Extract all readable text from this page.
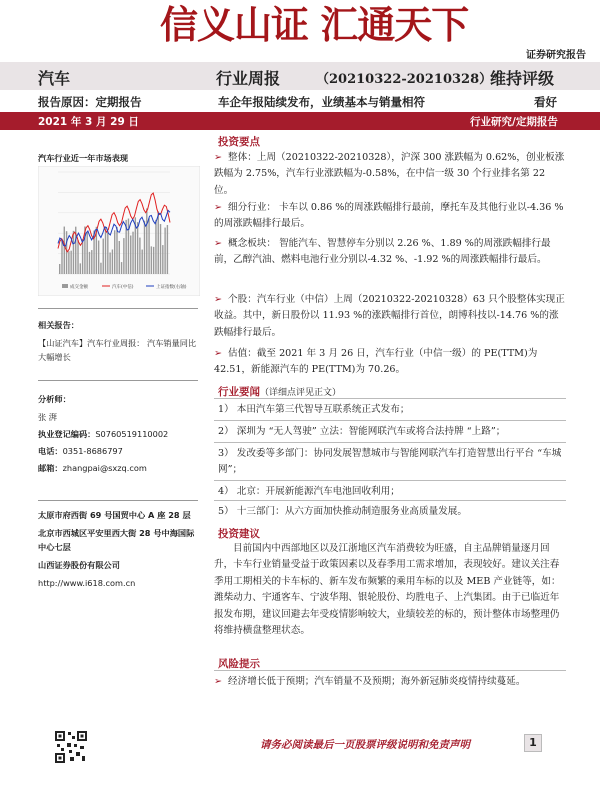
信义山证 汇通天下
证券研究报告
汽车	行业周报	（20210322-20210328）
维持评级
报告原因：定期报告	车企年报陆续发布，业绩基本与销量相符	看好
2021 年 3 月 29 日	行业研究/定期报告
汽车行业近一年市场表现
成交金额	汽车(中信)	上证指数(右轴)
相关报告：
【山证汽车】汽车行业周报： 汽车销量同比大幅增长
分析师：
张 湃
执业登记编码：S0760519110002
电话：0351-8686797
邮箱：zhangpai@sxzq.com
太原市府西街 69 号国贸中心 A 座 28 层
北京市西城区平安里西大街 28 号中海国际中心七层
山西证券股份有限公司
http://www.i618.com.cn
投资要点
➢ 整体：上周（20210322-20210328），沪深 300 涨跌幅为 0.62%，创业板涨跌幅为 2.75%，汽车行业涨跌幅为-0.58%，在中信一级 30 个行业排名第 22 位。
➢ 细分行业： 卡车以 0.86 %的周涨跌幅排行最前，摩托车及其他行业以-4.36 %的周涨跌幅排行最后。
➢ 概念板块： 智能汽车、智慧停车分别以 2.26 %、1.89 %的周涨跌幅排行最前，乙醇汽油、燃料电池行业分别以-4.32 %、-1.92 %的周涨跌幅排行最后。
➢ 个股：汽车行业（中信）上周（20210322-20210328）63 只个股整体实现正收益。其中，新日股份以 11.93 %的涨跌幅排行首位，朗博科技以-14.76 %的涨跌幅排行最后。
➢ 估值：截至 2021 年 3 月 26 日，汽车行业（中信一级）的 PE(TTM)为 42.51，新能源汽车的 PE(TTM)为 70.26。
行业要闻（详细点评见正文）
1） 本田汽车第三代智导互联系统正式发布；
2） 深圳为 “无人驾驶” 立法：智能网联汽车或将合法持牌 “上路”；
3） 发改委等多部门：协同发展智慧城市与智能网联汽车打造智慧出行平台 “车城网”；
4） 北京：开展新能源汽车电池回收利用；
5） 十三部门：从六方面加快推动制造服务业高质量发展。
投资建议
目前国内中西部地区以及江浙地区汽车消费较为旺盛，自主品牌销量逐月回升，卡车行业销量受益于政策因素以及春季用工需求增加，表现较好。建议关注春季用工期相关的卡车标的、新车发布频繁的乘用车标的以及 MEB 产业链等，如：潍柴动力、宇通客车、宁波华翔、银轮股份、均胜电子、上汽集团。由于已临近年报发布期，建议回避去年受疫情影响较大，业绩较差的标的，预计整体市场整理仍将维持横盘整理状态。
风险提示
➢ 经济增长低于预期；汽车销量不及预期；海外新冠肺炎疫情持续蔓延。
请务必阅读最后一页股票评级说明和免责声明	1
